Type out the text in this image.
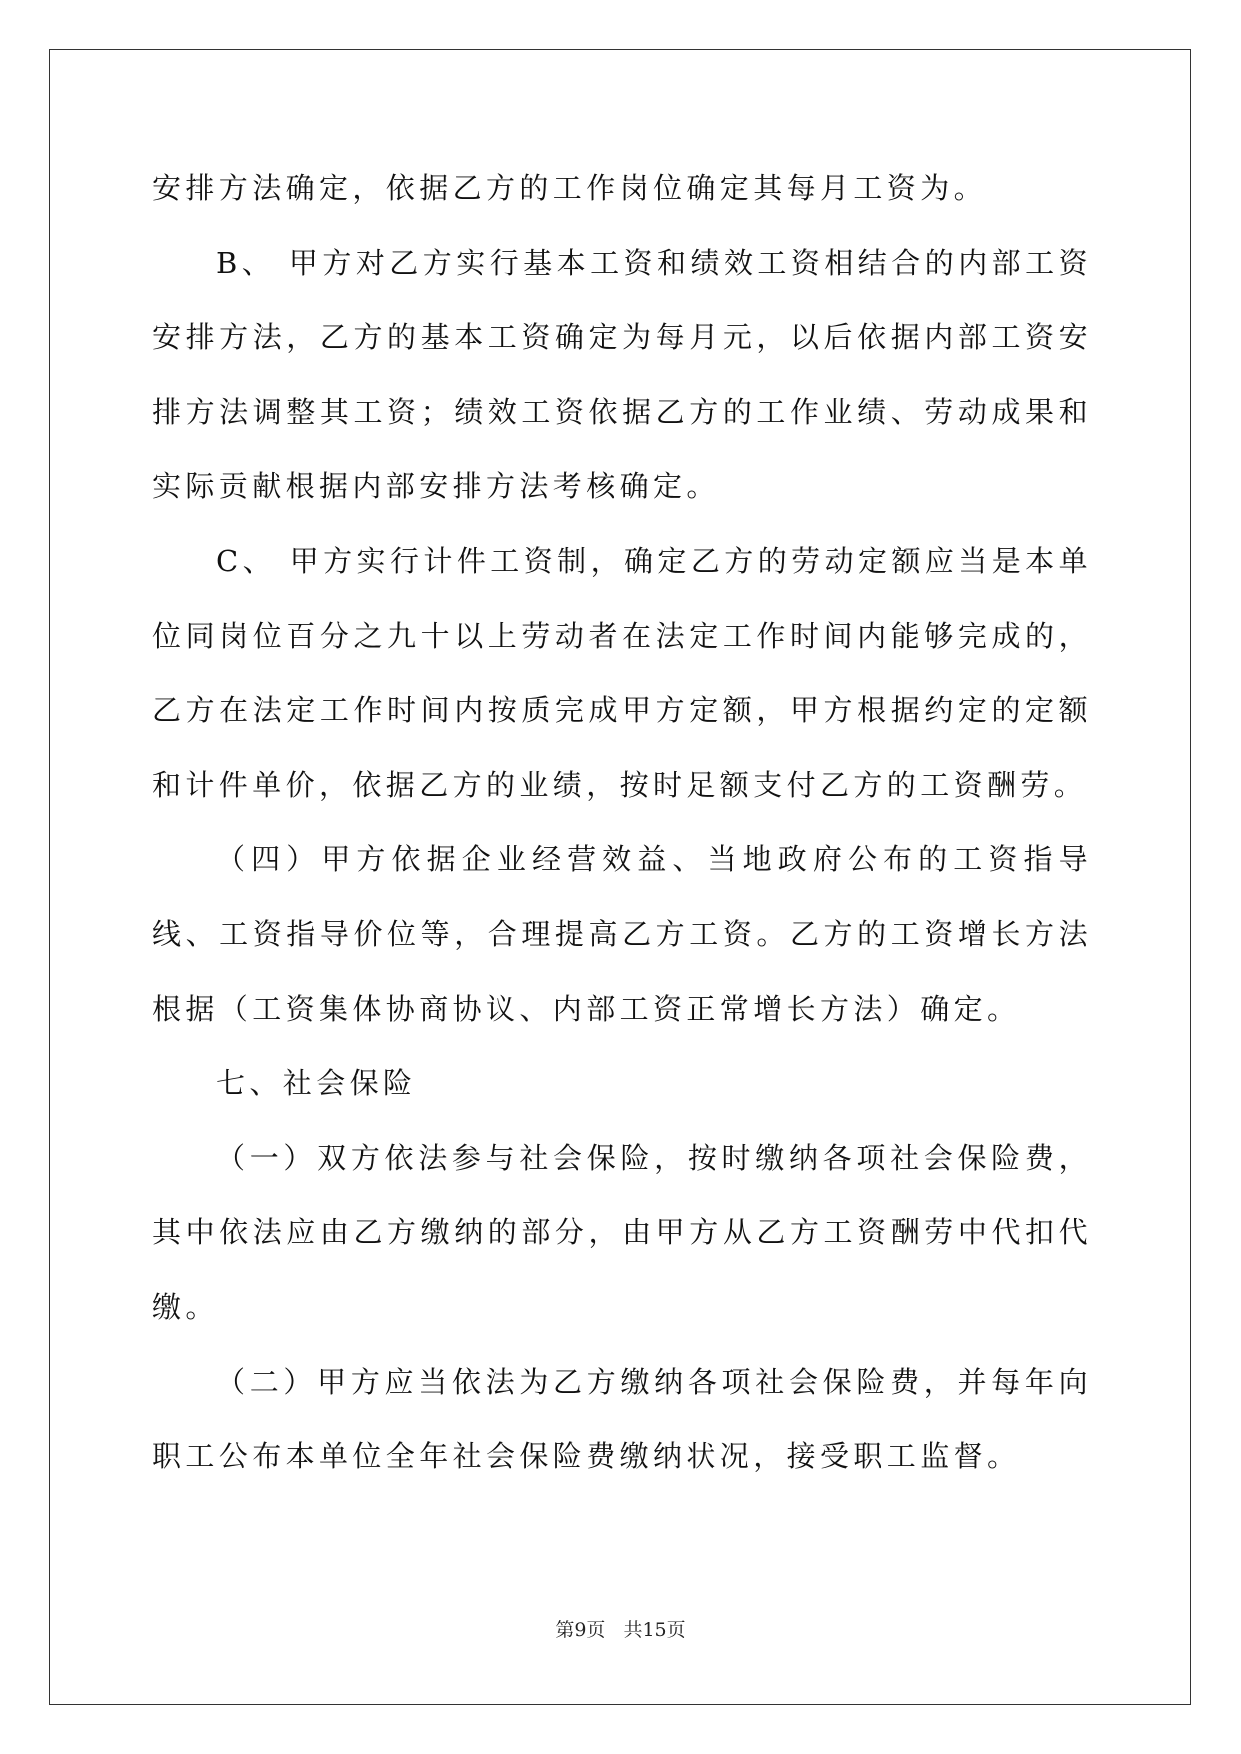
安排方法确定，依据乙方的工作岗位确定其每月工资为。

B、 甲方对乙方实行基本工资和绩效工资相结合的内部工资安排方法，乙方的基本工资确定为每月元，以后依据内部工资安排方法调整其工资；绩效工资依据乙方的工作业绩、劳动成果和实际贡献根据内部安排方法考核确定。

C、 甲方实行计件工资制，确定乙方的劳动定额应当是本单位同岗位百分之九十以上劳动者在法定工作时间内能够完成的，乙方在法定工作时间内按质完成甲方定额，甲方根据约定的定额和计件单价，依据乙方的业绩，按时足额支付乙方的工资酬劳。

（四）甲方依据企业经营效益、当地政府公布的工资指导线、工资指导价位等，合理提高乙方工资。乙方的工资增长方法根据（工资集体协商协议、内部工资正常增长方法）确定。

七、社会保险

（一）双方依法参与社会保险，按时缴纳各项社会保险费，其中依法应由乙方缴纳的部分，由甲方从乙方工资酬劳中代扣代缴。

（二）甲方应当依法为乙方缴纳各项社会保险费，并每年向职工公布本单位全年社会保险费缴纳状况，接受职工监督。

第9页 共15页
